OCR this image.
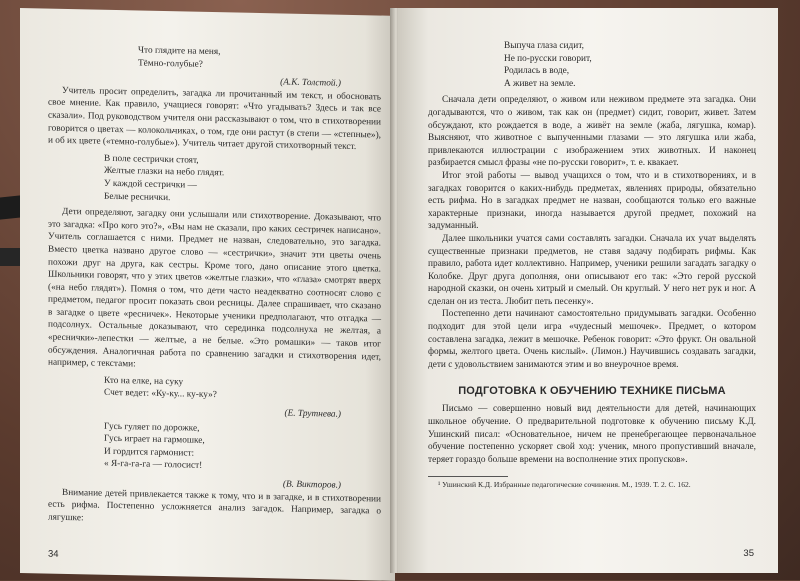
Что глядите на меня,
Тёмно-голубые?
(А.К. Толстой.)

Учитель просит определить, загадка ли прочитанный им текст, и обосновать свое мнение. Как правило, учащиеся говорят: «Что угадывать? Здесь и так все сказали». Под руководством учителя они рассказывают о том, что в стихотворении говорится о цветах — колокольчиках, о том, где они растут (в степи — «степные»), и об их цвете («темно-голубые»). Учитель читает другой стихотворный текст.

В поле сестрички стоят,
Желтые глазки на небо глядят.
У каждой сестрички —
Белые реснички.

Дети определяют, загадку они услышали или стихотворение. Доказывают, что это загадка: «Про кого это?», «Вы нам не сказали, про каких сестричек написано». Учитель соглашается с ними. Предмет не назван, следовательно, это загадка. Вместо цветка названо другое слово — «сестрички», значит эти цветы очень похожи друг на друга, как сестры. Кроме того, дано описание этого цветка. Школьники говорят, что у этих цветов «желтые глазки», что «глаза» смотрят вверх («на небо глядят»). Помня о том, что дети часто неадекватно соотносят слово с предметом, педагог просит показать свои ресницы. Далее спрашивает, что сказано в загадке о цвете «ресничек». Некоторые ученики предполагают, что отгадка — подсолнух. Остальные доказывают, что серединка подсолнуха не желтая, а «реснички»-лепестки — желтые, а не белые. «Это ромашки» — таков итог обсуждения. Аналогичная работа по сравнению загадки и стихотворения идет, например, с текстами:

Кто на елке, на суку
Счет ведет: «Ку-ку... ку-ку»?
(Е. Трутнева.)
Гусь гуляет по дорожке,
Гусь играет на гармошке,
И гордится гармонист:
« Я-га-га-га — голосист!
(В. Викторов.)

Внимание детей привлекается также к тому, что и в загадке, и в стихотворении есть рифма. Постепенно усложняется анализ загадок. Например, загадка о лягушке:

34
Выпуча глаза сидит,
Не по-русски говорит,
Родилась в воде,
А живет на земле.

Сначала дети определяют, о живом или неживом предмете эта загадка. Они догадываются, что о живом, так как он (предмет) сидит, говорит, живет. Затем обсуждают, кто рождается в воде, а живёт на земле (жаба, лягушка, комар). Выясняют, что животное с выпученными глазами — это лягушка или жаба, привлекаются иллюстрации с изображением этих животных. И наконец разбирается смысл фразы «не по-русски говорит», т. е. квакает.

Итог этой работы — вывод учащихся о том, что и в стихотворениях, и в загадках говорится о каких-нибудь предметах, явлениях природы, обязательно есть рифма. Но в загадках предмет не назван, сообщаются только его важные характерные признаки, иногда называется другой предмет, похожий на задуманный.

Далее школьники учатся сами составлять загадки. Сначала их учат выделять существенные признаки предметов, не ставя задачу подбирать рифмы. Как правило, работа идет коллективно. Например, ученики решили загадать загадку о Колобке. Друг друга дополняя, они описывают его так: «Это герой русской народной сказки, он очень хитрый и смелый. Он круглый. У него нет рук и ног. А сделан он из теста. Любит петь песенку».

Постепенно дети начинают самостоятельно придумывать загадки. Особенно подходит для этой цели игра «чудесный мешочек». Предмет, о котором составлена загадка, лежит в мешочке. Ребенок говорит: «Это фрукт. Он овальной формы, желтого цвета. Очень кислый». (Лимон.) Научившись создавать загадки, дети с удовольствием занимаются этим и во внеурочное время.

ПОДГОТОВКА К ОБУЧЕНИЮ ТЕХНИКЕ ПИСЬМА

Письмо — совершенно новый вид деятельности для детей, начинающих школьное обучение. О предварительной подготовке к обучению письму К.Д. Ушинский писал: «Основательное, ничем не пренебрегающее первоначальное обучение постепенно ускоряет свой ход: ученик, много пропустивший вначале, теряет гораздо больше времени на восполнение этих пропусков».

¹ Ушинский К.Д. Избранные педагогические сочинения. М., 1939. Т. 2. С. 162.

35
